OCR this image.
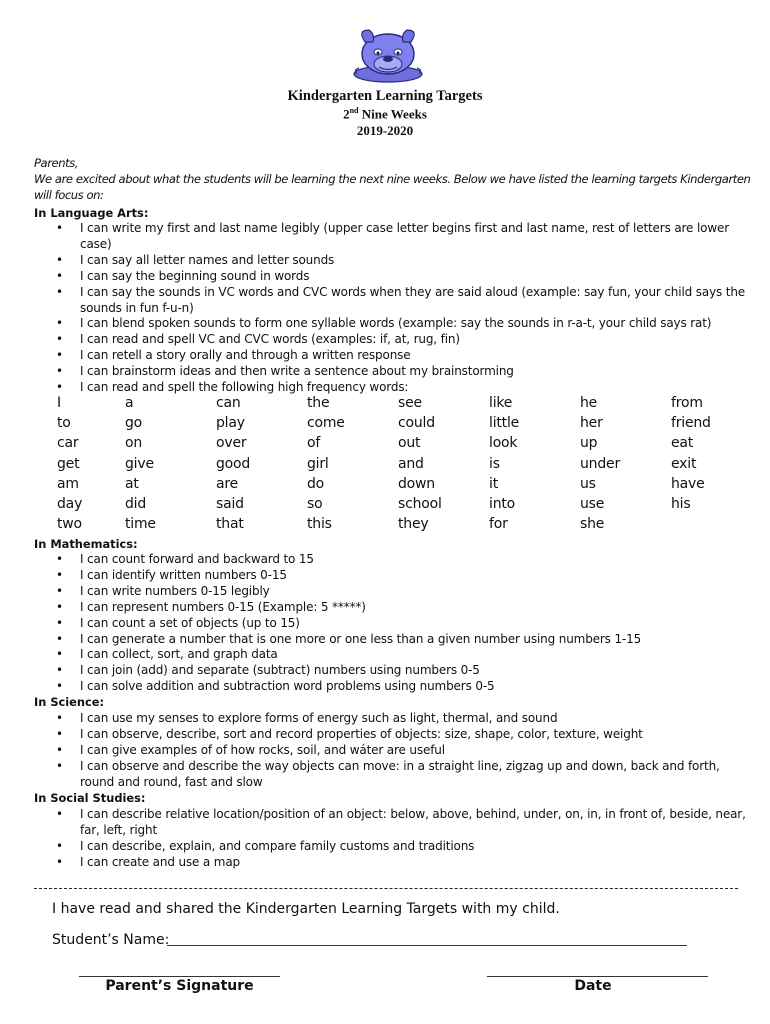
Kindergarten Learning Targets
2nd Nine Weeks
2019-2020
Parents,
We are excited about what the students will be learning the next nine weeks. Below we have listed the learning targets Kindergarten will focus on:
In Language Arts:
• I can write my first and last name legibly (upper case letter begins first and last name, rest of letters are lower case)
• I can say all letter names and letter sounds
• I can say the beginning sound in words
• I can say the sounds in VC words and CVC words when they are said aloud (example: say fun, your child says the sounds in fun f-u-n)
• I can blend spoken sounds to form one syllable words (example: say the sounds in r-a-t, your child says rat)
• I can read and spell VC and CVC words (examples: if, at, rug, fin)
• I can retell a story orally and through a written response
• I can brainstorm ideas and then write a sentence about my brainstorming
• I can read and spell the following high frequency words:
I	a	can	the	see	like	he	from
to	go	play	come	could	little	her	friend
car	on	over	of	out	look	up	eat
get	give	good	girl	and	is	under	exit
am	at	are	do	down	it	us	have
day	did	said	so	school	into	use	his
two	time	that	this	they	for	she
In Mathematics:
• I can count forward and backward to 15
• I can identify written numbers 0-15
• I can write numbers 0-15 legibly
• I can represent numbers 0-15 (Example: 5 *****)
• I can count a set of objects (up to 15)
• I can generate a number that is one more or one less than a given number using numbers 1-15
• I can collect, sort, and graph data
• I can join (add) and separate (subtract) numbers using numbers 0-5
• I can solve addition and subtraction word problems using numbers 0-5
In Science:
• I can use my senses to explore forms of energy such as light, thermal, and sound
• I can observe, describe, sort and record properties of objects: size, shape, color, texture, weight
• I can give examples of of how rocks, soil, and wáter are useful
• I can observe and describe the way objects can move: in a straight line, zigzag up and down, back and forth, round and round, fast and slow
In Social Studies:
• I can describe relative location/position of an object: below, above, behind, under, on, in, in front of, beside, near, far, left, right
• I can describe, explain, and compare family customs and traditions
• I can create and use a map
I have read and shared the Kindergarten Learning Targets with my child.
Student’s Name:
Parent’s Signature	Date
